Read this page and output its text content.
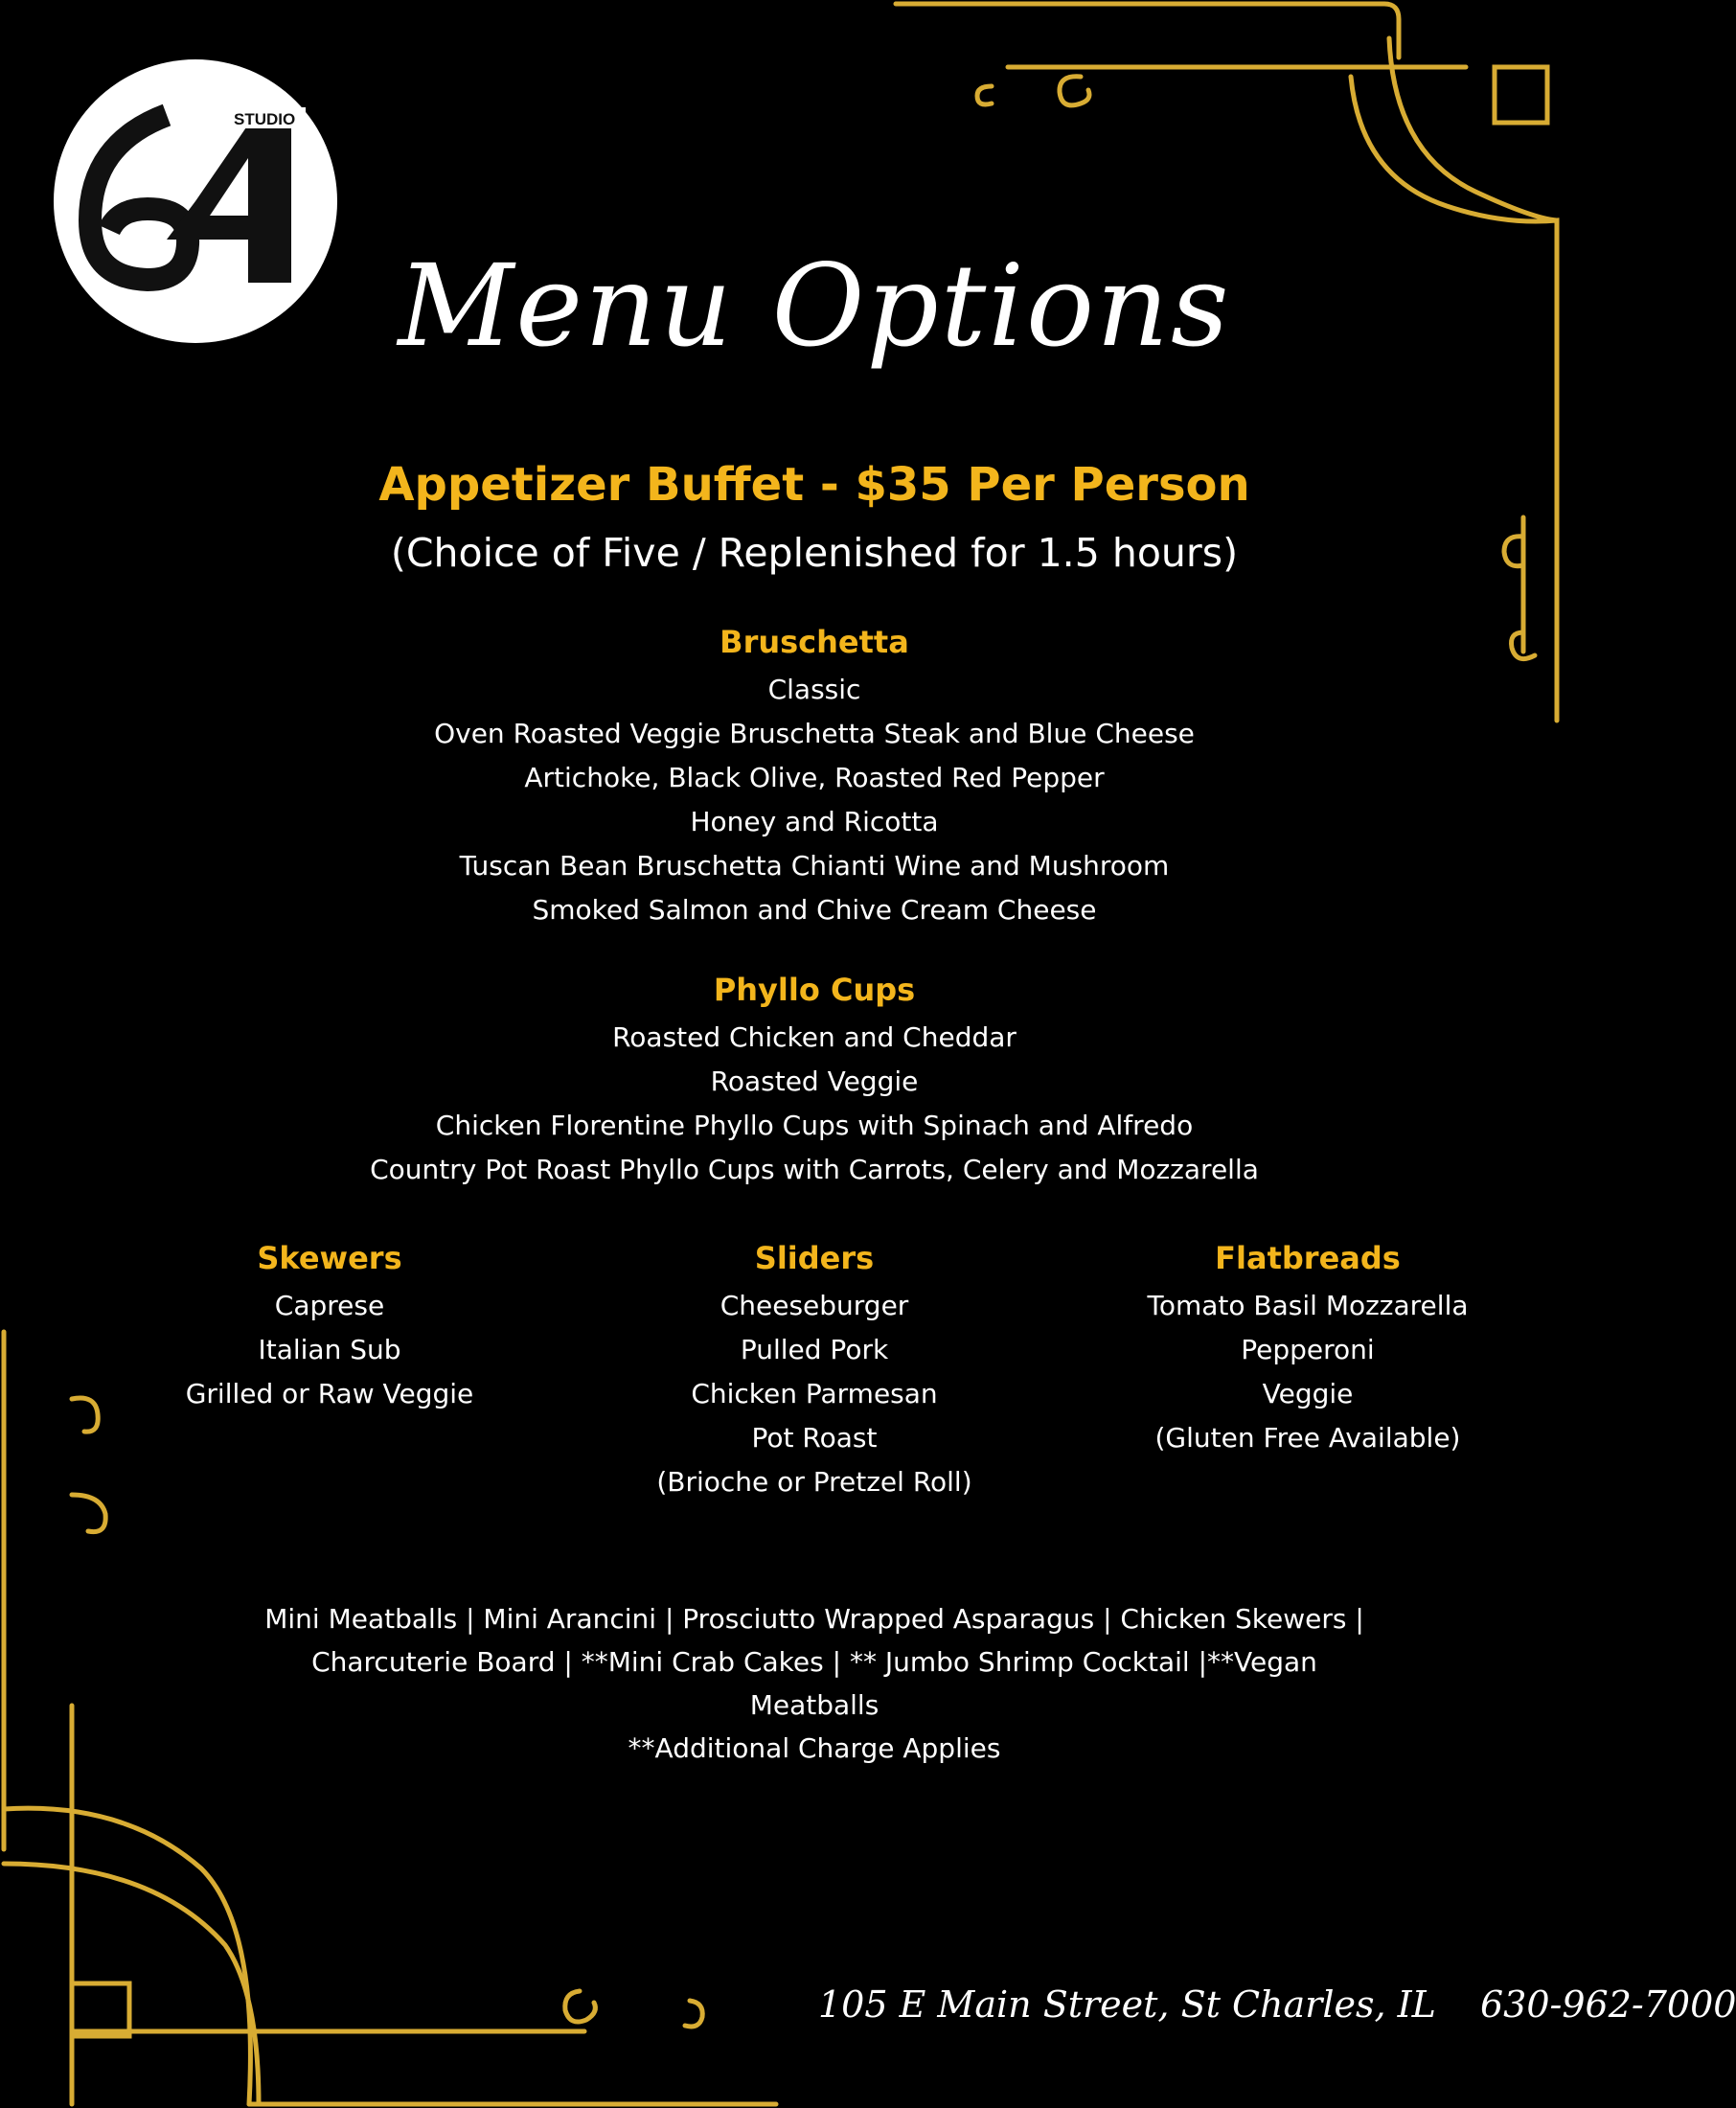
STUDIO
Menu Options
Appetizer Buffet - $35 Per Person
(Choice of Five / Replenished for 1.5 hours)
Bruschetta
Classic
Oven Roasted Veggie Bruschetta Steak and Blue Cheese
Artichoke, Black Olive, Roasted Red Pepper
Honey and Ricotta
Tuscan Bean Bruschetta Chianti Wine and Mushroom
Smoked Salmon and Chive Cream Cheese
Phyllo Cups
Roasted Chicken and Cheddar
Roasted Veggie
Chicken Florentine Phyllo Cups with Spinach and Alfredo
Country Pot Roast Phyllo Cups with Carrots, Celery and Mozzarella
Skewers
Caprese
Italian Sub
Grilled or Raw Veggie
Sliders
Cheeseburger
Pulled Pork
Chicken Parmesan
Pot Roast
(Brioche or Pretzel Roll)
Flatbreads
Tomato Basil Mozzarella
Pepperoni
Veggie
(Gluten Free Available)
Mini Meatballs | Mini Arancini | Prosciutto Wrapped Asparagus | Chicken Skewers |
Charcuterie Board | **Mini Crab Cakes | ** Jumbo Shrimp Cocktail |**Vegan
Meatballs
**Additional Charge Applies
105 E Main Street, St Charles, IL 630-962-7000
